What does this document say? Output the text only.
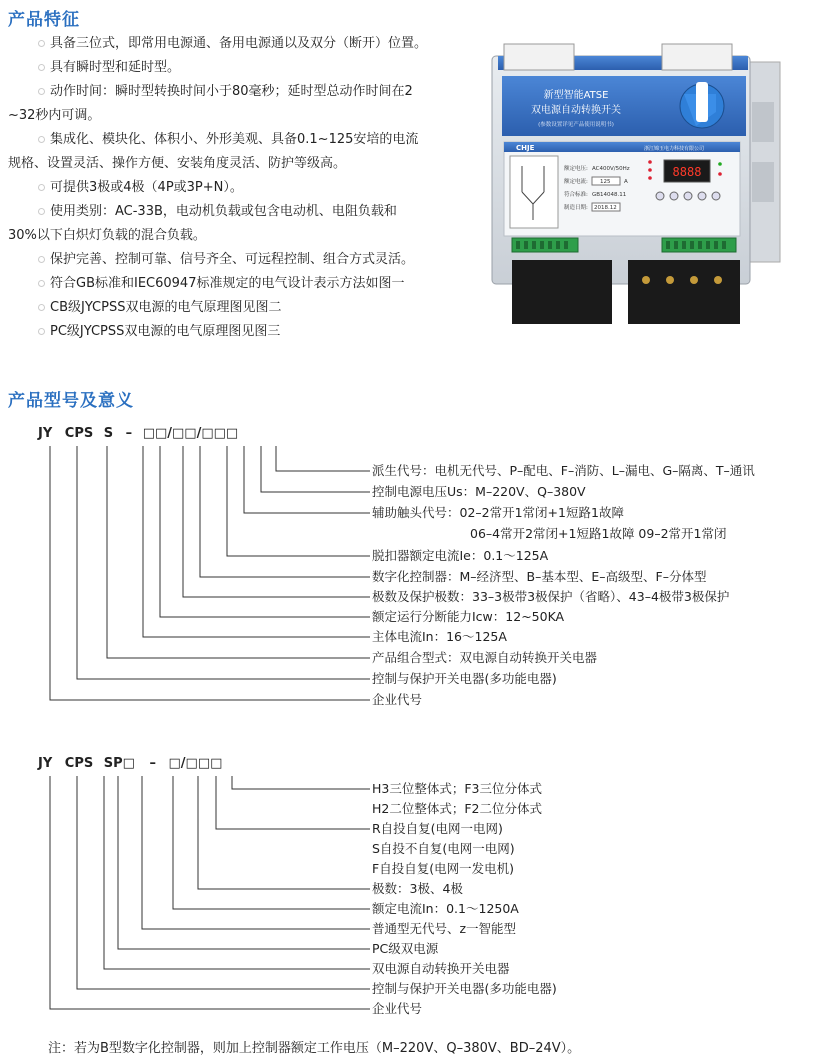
产品特征
具备三位式，即常用电源通、备用电源通以及双分（断开）位置。
具有瞬时型和延时型。
动作时间：瞬时型转换时间小于80毫秒；延时型总动作时间在2
~32秒内可调。
集成化、模块化、体积小、外形美观、具备0.1~125安培的电流
规格、设置灵活、操作方便、安装角度灵活、防护等级高。
可提供3极或4极（4P或3P+N）。
使用类别：AC-33B，电动机负载或包含电动机、电阻负载和
30%以下白炽灯负载的混合负载。
保护完善、控制可靠、信号齐全、可远程控制、组合方式灵活。
符合GB标准和IEC60947标准规定的电气设计表示方法如图一
CB级JYCPSS双电源的电气原理图见图二
PC级JYCPSS双电源的电气原理图见图三
新型智能ATSE
双电源自动转换开关
(参数设置详见产品使用说明书)
CHJE	浙江锦玉电力科技有限公司
额定电压: AC400V/50Hz
额定电流: 125 A
符合标准: GB14048.11
制造日期: 2018.12
8888
产品型号及意义
JY CPS S – □□/□□/□□□
JY CPS SP□ – □/□□□
派生代号：电机无代号、P–配电、F–消防、L–漏电、G–隔离、T–通讯
控制电源电压Us：M–220V、Q–380V
辅助触头代号：02–2常开1常闭+1短路1故障
06–4常开2常闭+1短路1故障 09–2常开1常闭
脱扣器额定电流Ie：0.1～125A
数字化控制器：M–经济型、B–基本型、E–高级型、F–分体型
极数及保护极数：33–3极带3极保护（省略）、43–4极带3极保护
额定运行分断能力Icw：12~50KA
主体电流In：16～125A
产品组合型式：双电源自动转换开关电器
控制与保护开关电器(多功能电器)
企业代号
H3三位整体式；F3三位分体式
H2二位整体式；F2二位分体式
R自投自复(电网一电网)
S自投不自复(电网一电网)
F自投自复(电网一发电机)
极数：3极、4极
额定电流In：0.1～1250A
普通型无代号、z一智能型
PC级双电源
双电源自动转换开关电器
控制与保护开关电器(多功能电器)
企业代号
注：若为B型数字化控制器，则加上控制器额定工作电压（M–220V、Q–380V、BD–24V）。
